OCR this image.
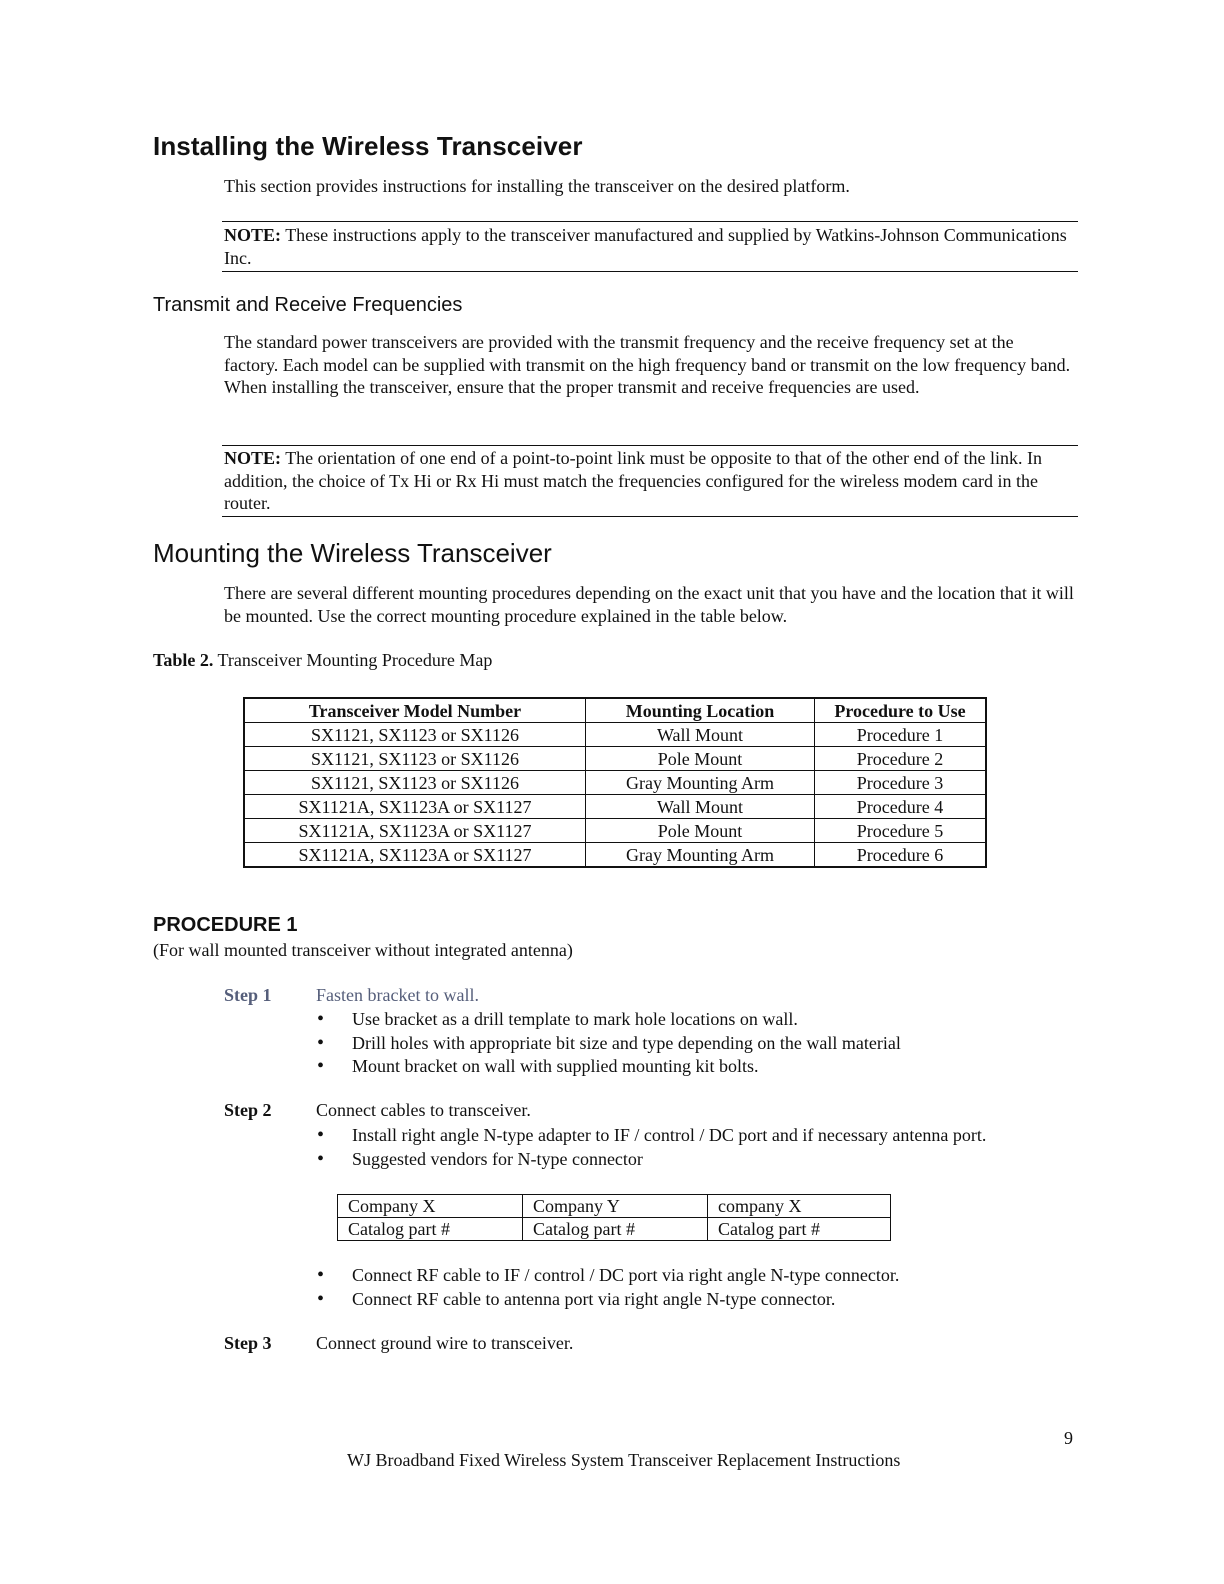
Installing the Wireless Transceiver
This section provides instructions for installing the transceiver on the desired platform.
NOTE: These instructions apply to the transceiver manufactured and supplied by Watkins-Johnson Communications Inc.
Transmit and Receive Frequencies
The standard power transceivers are provided with the transmit frequency and the receive frequency set at the factory. Each model can be supplied with transmit on the high frequency band or transmit on the low frequency band. When installing the transceiver, ensure that the proper transmit and receive frequencies are used.
NOTE: The orientation of one end of a point-to-point link must be opposite to that of the other end of the link. In addition, the choice of Tx Hi or Rx Hi must match the frequencies configured for the wireless modem card in the router.
Mounting the Wireless Transceiver
There are several different mounting procedures depending on the exact unit that you have and the location that it will be mounted. Use the correct mounting procedure explained in the table below.
Table 2. Transceiver Mounting Procedure Map
Transceiver Model Number	Mounting Location	Procedure to Use
SX1121, SX1123 or SX1126	Wall Mount	Procedure 1
SX1121, SX1123 or SX1126	Pole Mount	Procedure 2
SX1121, SX1123 or SX1126	Gray Mounting Arm	Procedure 3
SX1121A, SX1123A or SX1127	Wall Mount	Procedure 4
SX1121A, SX1123A or SX1127	Pole Mount	Procedure 5
SX1121A, SX1123A or SX1127	Gray Mounting Arm	Procedure 6
PROCEDURE 1
(For wall mounted transceiver without integrated antenna)
Step 1 Fasten bracket to wall.
• Use bracket as a drill template to mark hole locations on wall.
• Drill holes with appropriate bit size and type depending on the wall material
• Mount bracket on wall with supplied mounting kit bolts.
Step 2 Connect cables to transceiver.
• Install right angle N-type adapter to IF / control / DC port and if necessary antenna port.
• Suggested vendors for N-type connector
Company X	Company Y	company X
Catalog part #	Catalog part #	Catalog part #
• Connect RF cable to IF / control / DC port via right angle N-type connector.
• Connect RF cable to antenna port via right angle N-type connector.
Step 3 Connect ground wire to transceiver.
9
WJ Broadband Fixed Wireless System Transceiver Replacement Instructions
